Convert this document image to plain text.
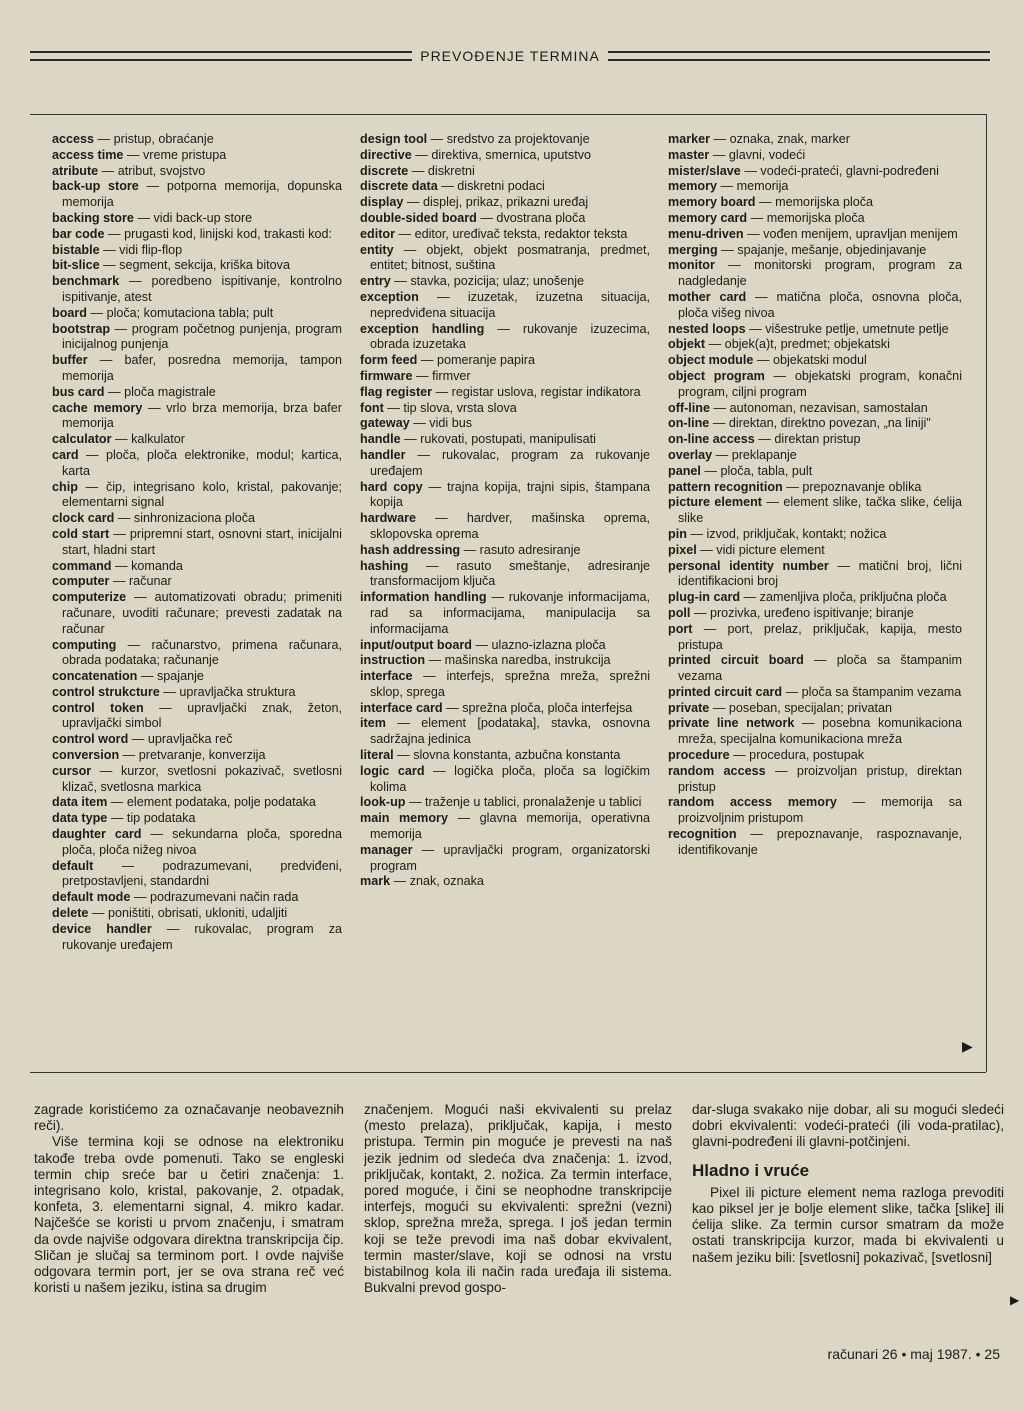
PREVOĐENJE TERMINA

access — pristup, obraćanje

access time — vreme pristupa

atribute — atribut, svojstvo

back-up store — potporna memorija, dopunska memorija

backing store — vidi back-up store

bar code — prugasti kod, linijski kod, trakasti kod:

bistable — vidi flip-flop

bit-slice — segment, sekcija, kriška bitova

benchmark — poredbeno ispitivanje, kontrolno ispitivanje, atest

board — ploča; komutaciona tabla; pult

bootstrap — program početnog punjenja, program inicijalnog punjenja

buffer — bafer, posredna memorija, tampon memorija

bus card — ploča magistrale

cache memory — vrlo brza memorija, brza bafer memorija

calculator — kalkulator

card — ploča, ploča elektronike, modul; kartica, karta

chip — čip, integrisano kolo, kristal, pakovanje; elementarni signal

clock card — sinhronizaciona ploča

cold start — pripremni start, osnovni start, inicijalni start, hladni start

command — komanda

computer — računar

computerize — automatizovati obradu; primeniti računare, uvoditi računare; prevesti zadatak na računar

computing — računarstvo, primena računara, obrada podataka; računanje

concatenation — spajanje

control strukcture — upravljačka struktura

control token — upravljački znak, žeton, upravljački simbol

control word — upravljačka reč

conversion — pretvaranje, konverzija

cursor — kurzor, svetlosni pokazivač, svetlosni klizač, svetlosna markica

data item — element podataka, polje podataka

data type — tip podataka

daughter card — sekundarna ploča, sporedna ploča, ploča nižeg nivoa

default — podrazumevani, predviđeni, pretpostavljeni, standardni

default mode — podrazumevani način rada

delete — poništiti, obrisati, ukloniti, udaljiti

device handler — rukovalac, program za rukovanje uređajem

design tool — sredstvo za projektovanje

directive — direktiva, smernica, uputstvo

discrete — diskretni

discrete data — diskretni podaci

display — displej, prikaz, prikazni uređaj

double-sided board — dvostrana ploča

editor — editor, uređivač teksta, redaktor teksta

entity — objekt, objekt posmatranja, predmet, entitet; bitnost, suština

entry — stavka, pozicija; ulaz; unošenje

exception — izuzetak, izuzetna situacija, nepredviđena situacija

exception handling — rukovanje izuzecima, obrada izuzetaka

form feed — pomeranje papira

firmware — firmver

flag register — registar uslova, registar indikatora

font — tip slova, vrsta slova

gateway — vidi bus

handle — rukovati, postupati, manipulisati

handler — rukovalac, program za rukovanje uređajem

hard copy — trajna kopija, trajni sipis, štampana kopija

hardware — hardver, mašinska oprema, sklopovska oprema

hash addressing — rasuto adresiranje

hashing — rasuto smeštanje, adresiranje transformacijom ključa

information handling — rukovanje informacijama, rad sa informacijama, manipulacija sa informacijama

input/output board — ulazno-izlazna ploča

instruction — mašinska naredba, instrukcija

interface — interfejs, sprežna mreža, sprežni sklop, sprega

interface card — sprežna ploča, ploča interfejsa

item — element [podataka], stavka, osnovna sadržajna jedinica

literal — slovna konstanta, azbučna konstanta

logic card — logička ploča, ploča sa logičkim kolima

look-up — traženje u tablici, pronalaženje u tablici

main memory — glavna memorija, operativna memorija

manager — upravljački program, organizatorski program

mark — znak, oznaka

marker — oznaka, znak, marker

master — glavni, vodeći

mister/slave — vodeći-prateći, glavni-podređeni

memory — memorija

memory board — memorijska ploča

memory card — memorijska ploča

menu-driven — vođen menijem, upravljan menijem

merging — spajanje, mešanje, objedinjavanje

monitor — monitorski program, program za nadgledanje

mother card — matična ploča, osnovna ploča, ploča višeg nivoa

nested loops — višestruke petlje, umetnute petlje

objekt — objek(a)t, predmet; objekatski

object module — objekatski modul

object program — objekatski program, konačni program, ciljni program

off-line — autonoman, nezavisan, samostalan

on-line — direktan, direktno povezan, „na liniji"

on-line access — direktan pristup

overlay — preklapanje

panel — ploča, tabla, pult

pattern recognition — prepoznavanje oblika

picture element — element slike, tačka slike, ćelija slike

pin — izvod, priključak, kontakt; nožica

pixel — vidi picture element

personal identity number — matični broj, lični identifikacioni broj

plug-in card — zamenljiva ploča, priključna ploča

poll — prozivka, uređeno ispitivanje; biranje

port — port, prelaz, priključak, kapija, mesto pristupa

printed circuit board — ploča sa štampanim vezama

printed circuit card — ploča sa štampanim vezama

private — poseban, specijalan; privatan

private line network — posebna komunikaciona mreža, specijalna komunikaciona mreža

procedure — procedura, postupak

random access — proizvoljan pristup, direktan pristup

random access memory — memorija sa proizvoljnim pristupom

recognition — prepoznavanje, raspoznavanje, identifikovanje

▶

zagrade koristićemo za označavanje neobaveznih reči).

Više termina koji se odnose na elektroniku takođe treba ovde pomenuti. Tako se engleski termin chip sreće bar u četiri značenja: 1. integrisano kolo, kristal, pakovanje, 2. otpadak, konfeta, 3. elementarni signal, 4. mikro kadar. Najčešće se koristi u prvom značenju, i smatram da ovde najviše odgovara direktna transkripcija čip. Sličan je slučaj sa terminom port. I ovde najviše odgovara termin port, jer se ova strana reč već koristi u našem jeziku, istina sa drugim

značenjem. Mogući naši ekvivalenti su prelaz (mesto prelaza), priključak, kapija, i mesto pristupa. Termin pin moguće je prevesti na naš jezik jednim od sledeća dva značenja: 1. izvod, priključak, kontakt, 2. nožica. Za termin interface, pored moguće, i čini se neophodne transkripcije interfejs, mogući su ekvivalenti: sprežni (vezni) sklop, sprežna mreža, sprega. I još jedan termin koji se teže prevodi ima naš dobar ekvivalent, termin master/slave, koji se odnosi na vrstu bistabilnog kola ili način rada uređaja ili sistema. Bukvalni prevod gospo-

dar-sluga svakako nije dobar, ali su mogući sledeći dobri ekvivalenti: vodeći-prateći (ili voda-pratilac), glavni-podređeni ili glavni-potčinjeni.

Hladno i vruće

Pixel ili picture element nema razloga prevoditi kao piksel jer je bolje element slike, tačka [slike] ili ćelija slike. Za termin cursor smatram da može ostati transkripcija kurzor, mada bi ekvivalenti u našem jeziku bili: [svetlosni] pokazivač, [svetlosni]

▶
računari 26 • maj 1987. • 25
